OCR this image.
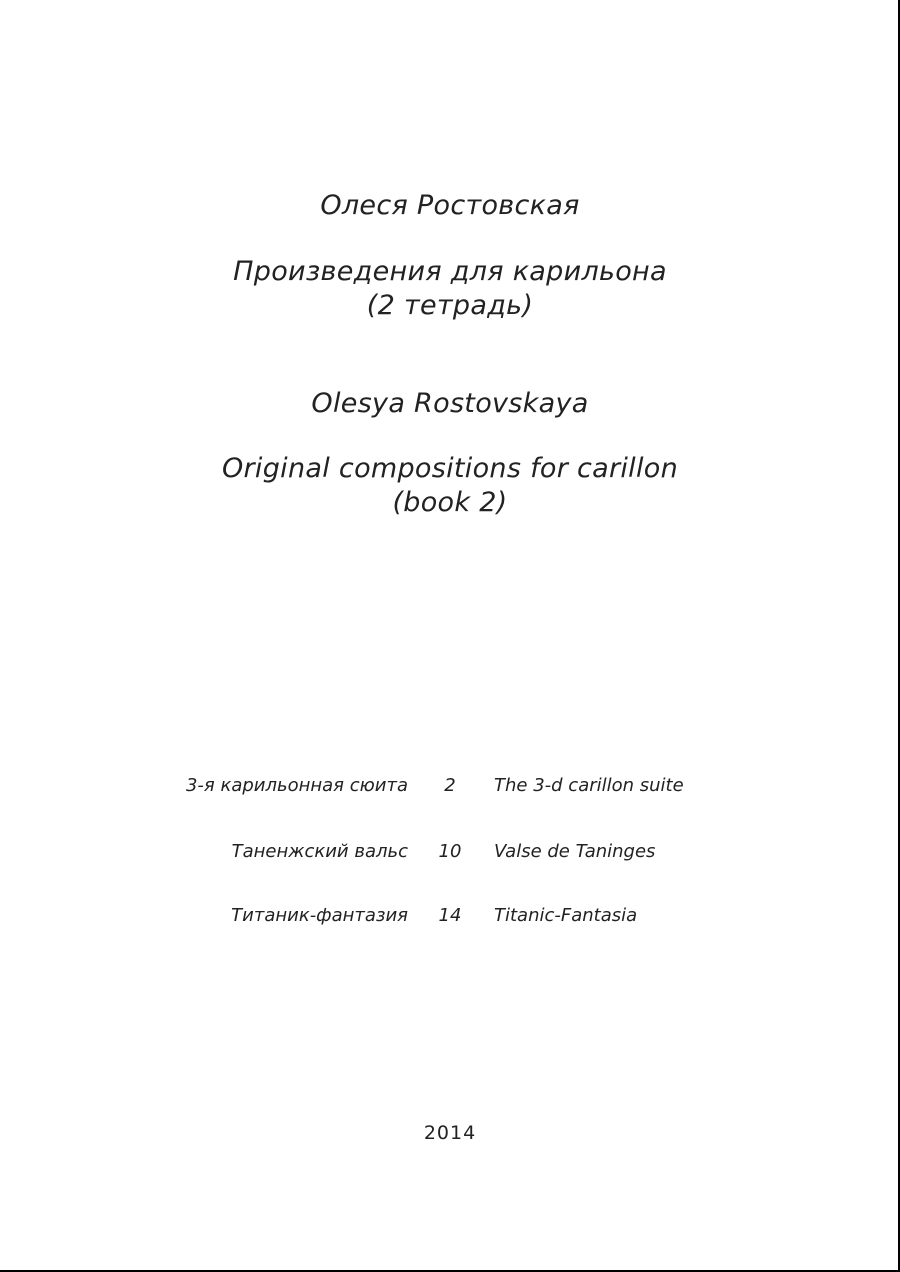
Олеся Ростовская
Произведения для карильона
(2 тетрадь)
Olesya Rostovskaya
Original compositions for carillon
(book 2)
3-я карильонная сюита	2	The 3-d carillon suite
Таненжский вальс	10	Valse de Taninges
Титаник-фантазия	14	Titanic-Fantasia
2014
